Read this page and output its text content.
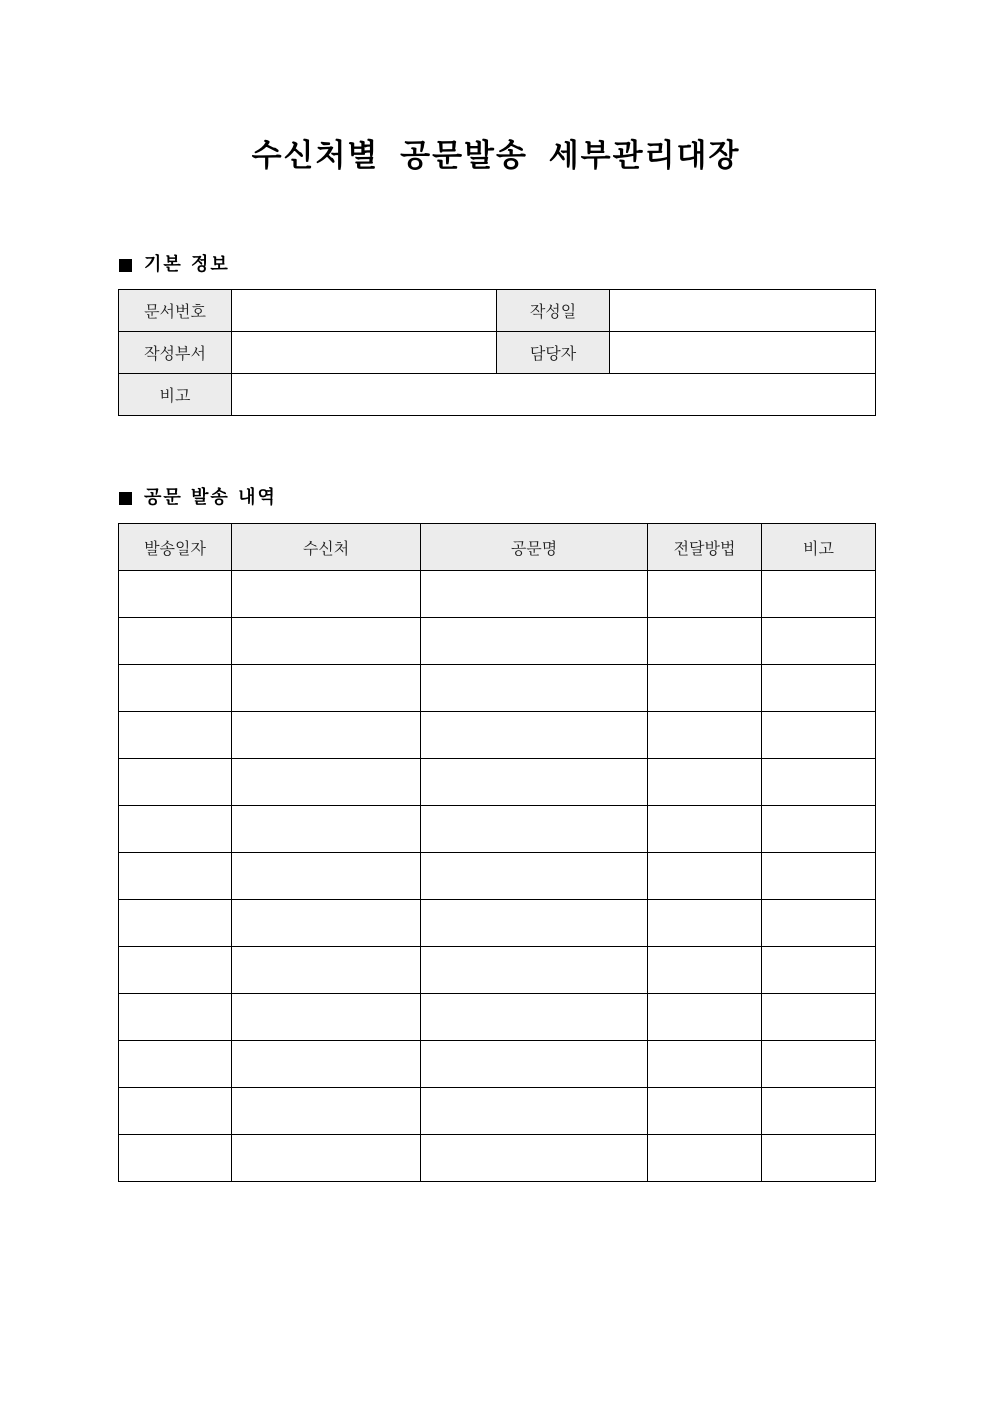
수신처별 공문발송 세부관리대장
기본 정보
문서번호		작성일	
작성부서		담당자	
비고			
공문 발송 내역
발송일자	수신처	공문명	전달방법	비고
